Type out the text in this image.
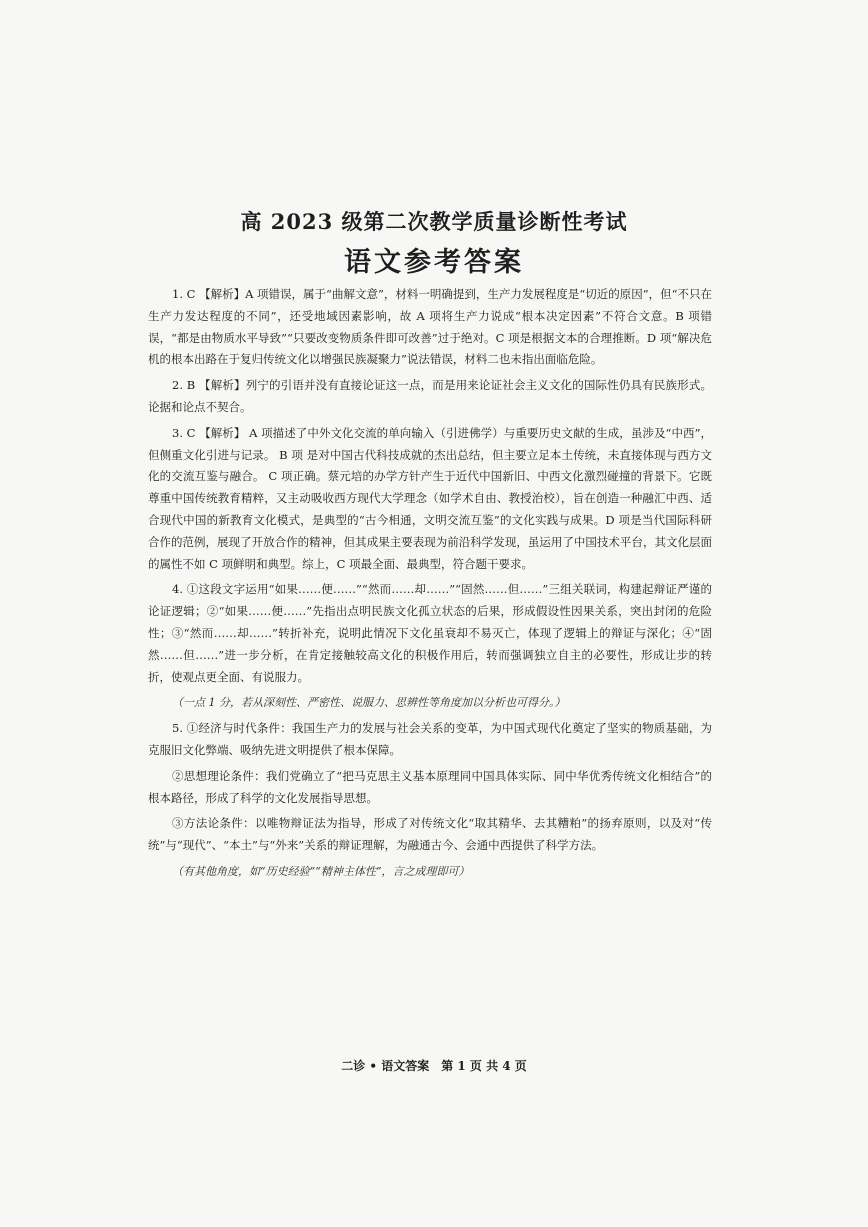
高 2023 级第二次教学质量诊断性考试
语文参考答案

1. C 【解析】A 项错误，属于“曲解文意”，材料一明确提到，生产力发展程度是“切近的原因”，但“不只在生产力发达程度的不同”，还受地域因素影响，故 A 项将生产力说成“根本决定因素”不符合文意。B 项错误，“都是由物质水平导致”“只要改变物质条件即可改善”过于绝对。C 项是根据文本的合理推断。D 项“解决危机的根本出路在于复归传统文化以增强民族凝聚力”说法错误，材料二也未指出面临危险。

2. B 【解析】列宁的引语并没有直接论证这一点，而是用来论证社会主义文化的国际性仍具有民族形式。论据和论点不契合。

3. C 【解析】 A 项描述了中外文化交流的单向输入（引进佛学）与重要历史文献的生成，虽涉及“中西”，但侧重文化引进与记录。 B 项 是对中国古代科技成就的杰出总结，但主要立足本土传统，未直接体现与西方文化的交流互鉴与融合。 C 项正确。蔡元培的办学方针产生于近代中国新旧、中西文化激烈碰撞的背景下。它既尊重中国传统教育精粹，又主动吸收西方现代大学理念（如学术自由、教授治校），旨在创造一种融汇中西、适合现代中国的新教育文化模式，是典型的“古今相通，文明交流互鉴”的文化实践与成果。D 项是当代国际科研合作的范例，展现了开放合作的精神，但其成果主要表现为前沿科学发现，虽运用了中国技术平台，其文化层面的属性不如 C 项鲜明和典型。综上，C 项最全面、最典型，符合题干要求。

4. ①这段文字运用“如果……便……”“然而……却……”“固然……但……”三组关联词，构建起辩证严谨的论证逻辑；②“如果……便……”先指出点明民族文化孤立状态的后果，形成假设性因果关系，突出封闭的危险性；③“然而……却……”转折补充，说明此情况下文化虽衰却不易灭亡，体现了逻辑上的辩证与深化；④“固然……但……”进一步分析，在肯定接触较高文化的积极作用后，转而强调独立自主的必要性，形成让步的转折，使观点更全面、有说服力。

（一点 1 分，若从深刻性、严密性、说服力、思辨性等角度加以分析也可得分。）

5. ①经济与时代条件：我国生产力的发展与社会关系的变革，为中国式现代化奠定了坚实的物质基础，为克服旧文化弊端、吸纳先进文明提供了根本保障。

②思想理论条件：我们党确立了“把马克思主义基本原理同中国具体实际、同中华优秀传统文化相结合”的根本路径，形成了科学的文化发展指导思想。

③方法论条件：以唯物辩证法为指导，形成了对传统文化“取其精华、去其糟粕”的扬弃原则，以及对“传统”与“现代”、“本土”与“外来”关系的辩证理解，为融通古今、会通中西提供了科学方法。

（有其他角度，如“历史经验”“精神主体性”，言之成理即可）

二诊 • 语文答案　第 1 页 共 4 页
